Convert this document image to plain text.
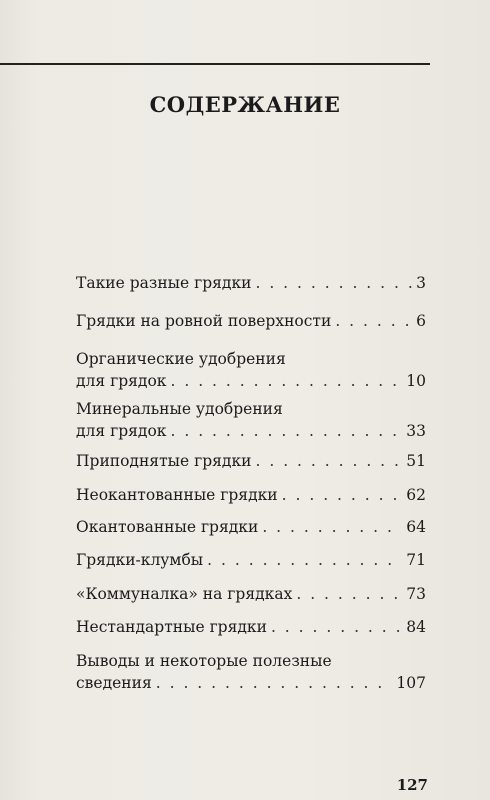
СОДЕРЖАНИЕ
Такие разные грядки . . .	3
Грядки на ровной поверхности . . .	6
Органические удобрения
для грядок . . .	10
Минеральные удобрения
для грядок . . .	33
Приподнятые грядки . . .	51
Неокантованные грядки . . .	62
Окантованные грядки . . .	64
Грядки-клумбы . . .	71
«Коммуналка» на грядках . . .	73
Нестандартные грядки . . .	84
Выводы и некоторые полезные
сведения . . .	107
127
